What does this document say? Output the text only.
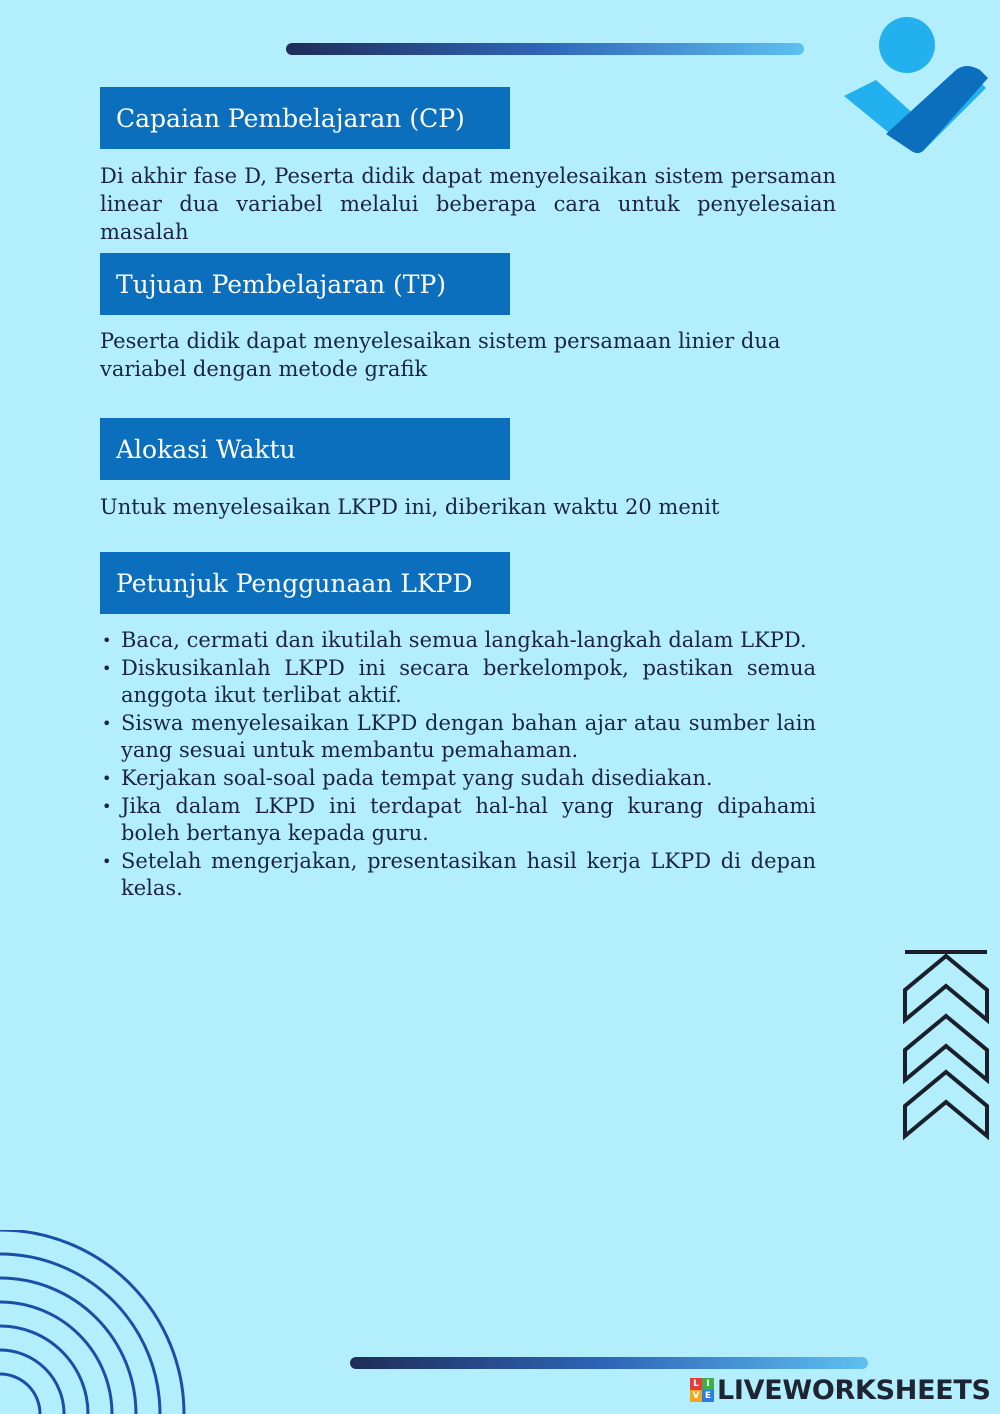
Capaian Pembelajaran (CP)
Di akhir fase D, Peserta didik dapat menyelesaikan sistem persaman linear dua variabel melalui beberapa cara untuk penyelesaian masalah
Tujuan Pembelajaran (TP)
Peserta didik dapat menyelesaikan sistem persamaan linier dua variabel dengan metode grafik
Alokasi Waktu
Untuk menyelesaikan LKPD ini, diberikan waktu 20 menit
Petunjuk Penggunaan LKPD
• Baca, cermati dan ikutilah semua langkah-langkah dalam LKPD.
• Diskusikanlah LKPD ini secara berkelompok, pastikan semua anggota ikut terlibat aktif.
• Siswa menyelesaikan LKPD dengan bahan ajar atau sumber lain yang sesuai untuk membantu pemahaman.
• Kerjakan soal-soal pada tempat yang sudah disediakan.
• Jika dalam LKPD ini terdapat hal-hal yang kurang dipahami boleh bertanya kepada guru.
• Setelah mengerjakan, presentasikan hasil kerja LKPD di depan kelas.
L I
V E LIVEWORKSHEETS
